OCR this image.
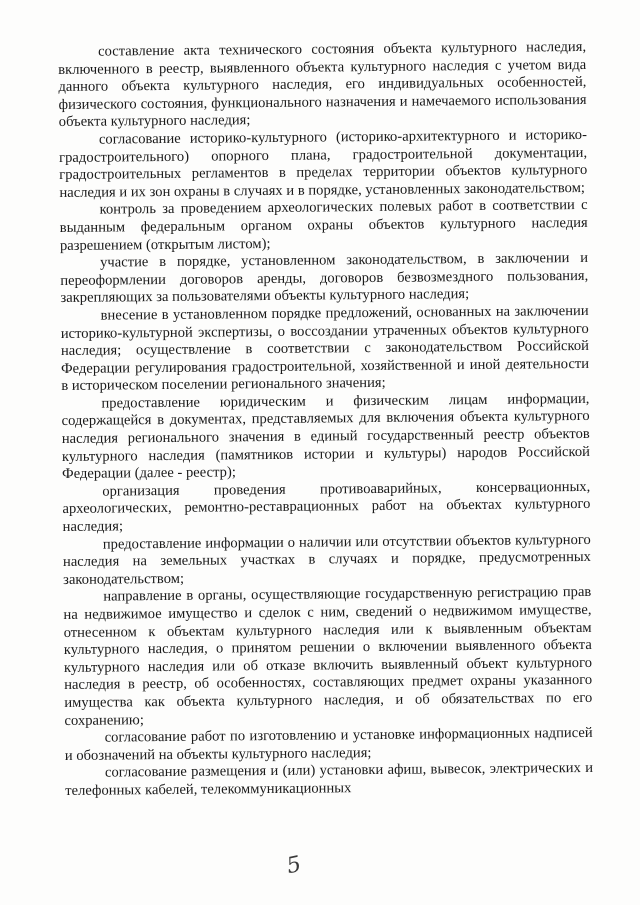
составление акта технического состояния объекта культурного наследия, включенного в реестр, выявленного объекта культурного наследия с учетом вида данного объекта культурного наследия, его индивидуальных особенностей, физического состояния, функционального назначения и намечаемого использования объекта культурного наследия;

согласование историко-культурного (историко-архитектурного и историко-градостроительного) опорного плана, градостроительной документации, градостроительных регламентов в пределах территории объектов культурного наследия и их зон охраны в случаях и в порядке, установленных законодательством;

контроль за проведением археологических полевых работ в соответствии с выданным федеральным органом охраны объектов культурного наследия разрешением (открытым листом);

участие в порядке, установленном законодательством, в заключении и переоформлении договоров аренды, договоров безвозмездного пользования, закрепляющих за пользователями объекты культурного наследия;

внесение в установленном порядке предложений, основанных на заключении историко-культурной экспертизы, о воссоздании утраченных объектов культурного наследия; осуществление в соответствии с законодательством Российской Федерации регулирования градостроительной, хозяйственной и иной деятельности в историческом поселении регионального значения;

предоставление юридическим и физическим лицам информации, содержащейся в документах, представляемых для включения объекта культурного наследия регионального значения в единый государственный реестр объектов культурного наследия (памятников истории и культуры) народов Российской Федерации (далее - реестр);

организация проведения противоаварийных, консервационных, археологических, ремонтно-реставрационных работ на объектах культурного наследия;

предоставление информации о наличии или отсутствии объектов культурного наследия на земельных участках в случаях и порядке, предусмотренных законодательством;

направление в органы, осуществляющие государственную регистрацию прав на недвижимое имущество и сделок с ним, сведений о недвижимом имуществе, отнесенном к объектам культурного наследия или к выявленным объектам культурного наследия, о принятом решении о включении выявленного объекта культурного наследия или об отказе включить выявленный объект культурного наследия в реестр, об особенностях, составляющих предмет охраны указанного имущества как объекта культурного наследия, и об обязательствах по его сохранению;

согласование работ по изготовлению и установке информационных надписей и обозначений на объекты культурного наследия;

согласование размещения и (или) установки афиш, вывесок, электрических и телефонных кабелей, телекоммуникационных

5
